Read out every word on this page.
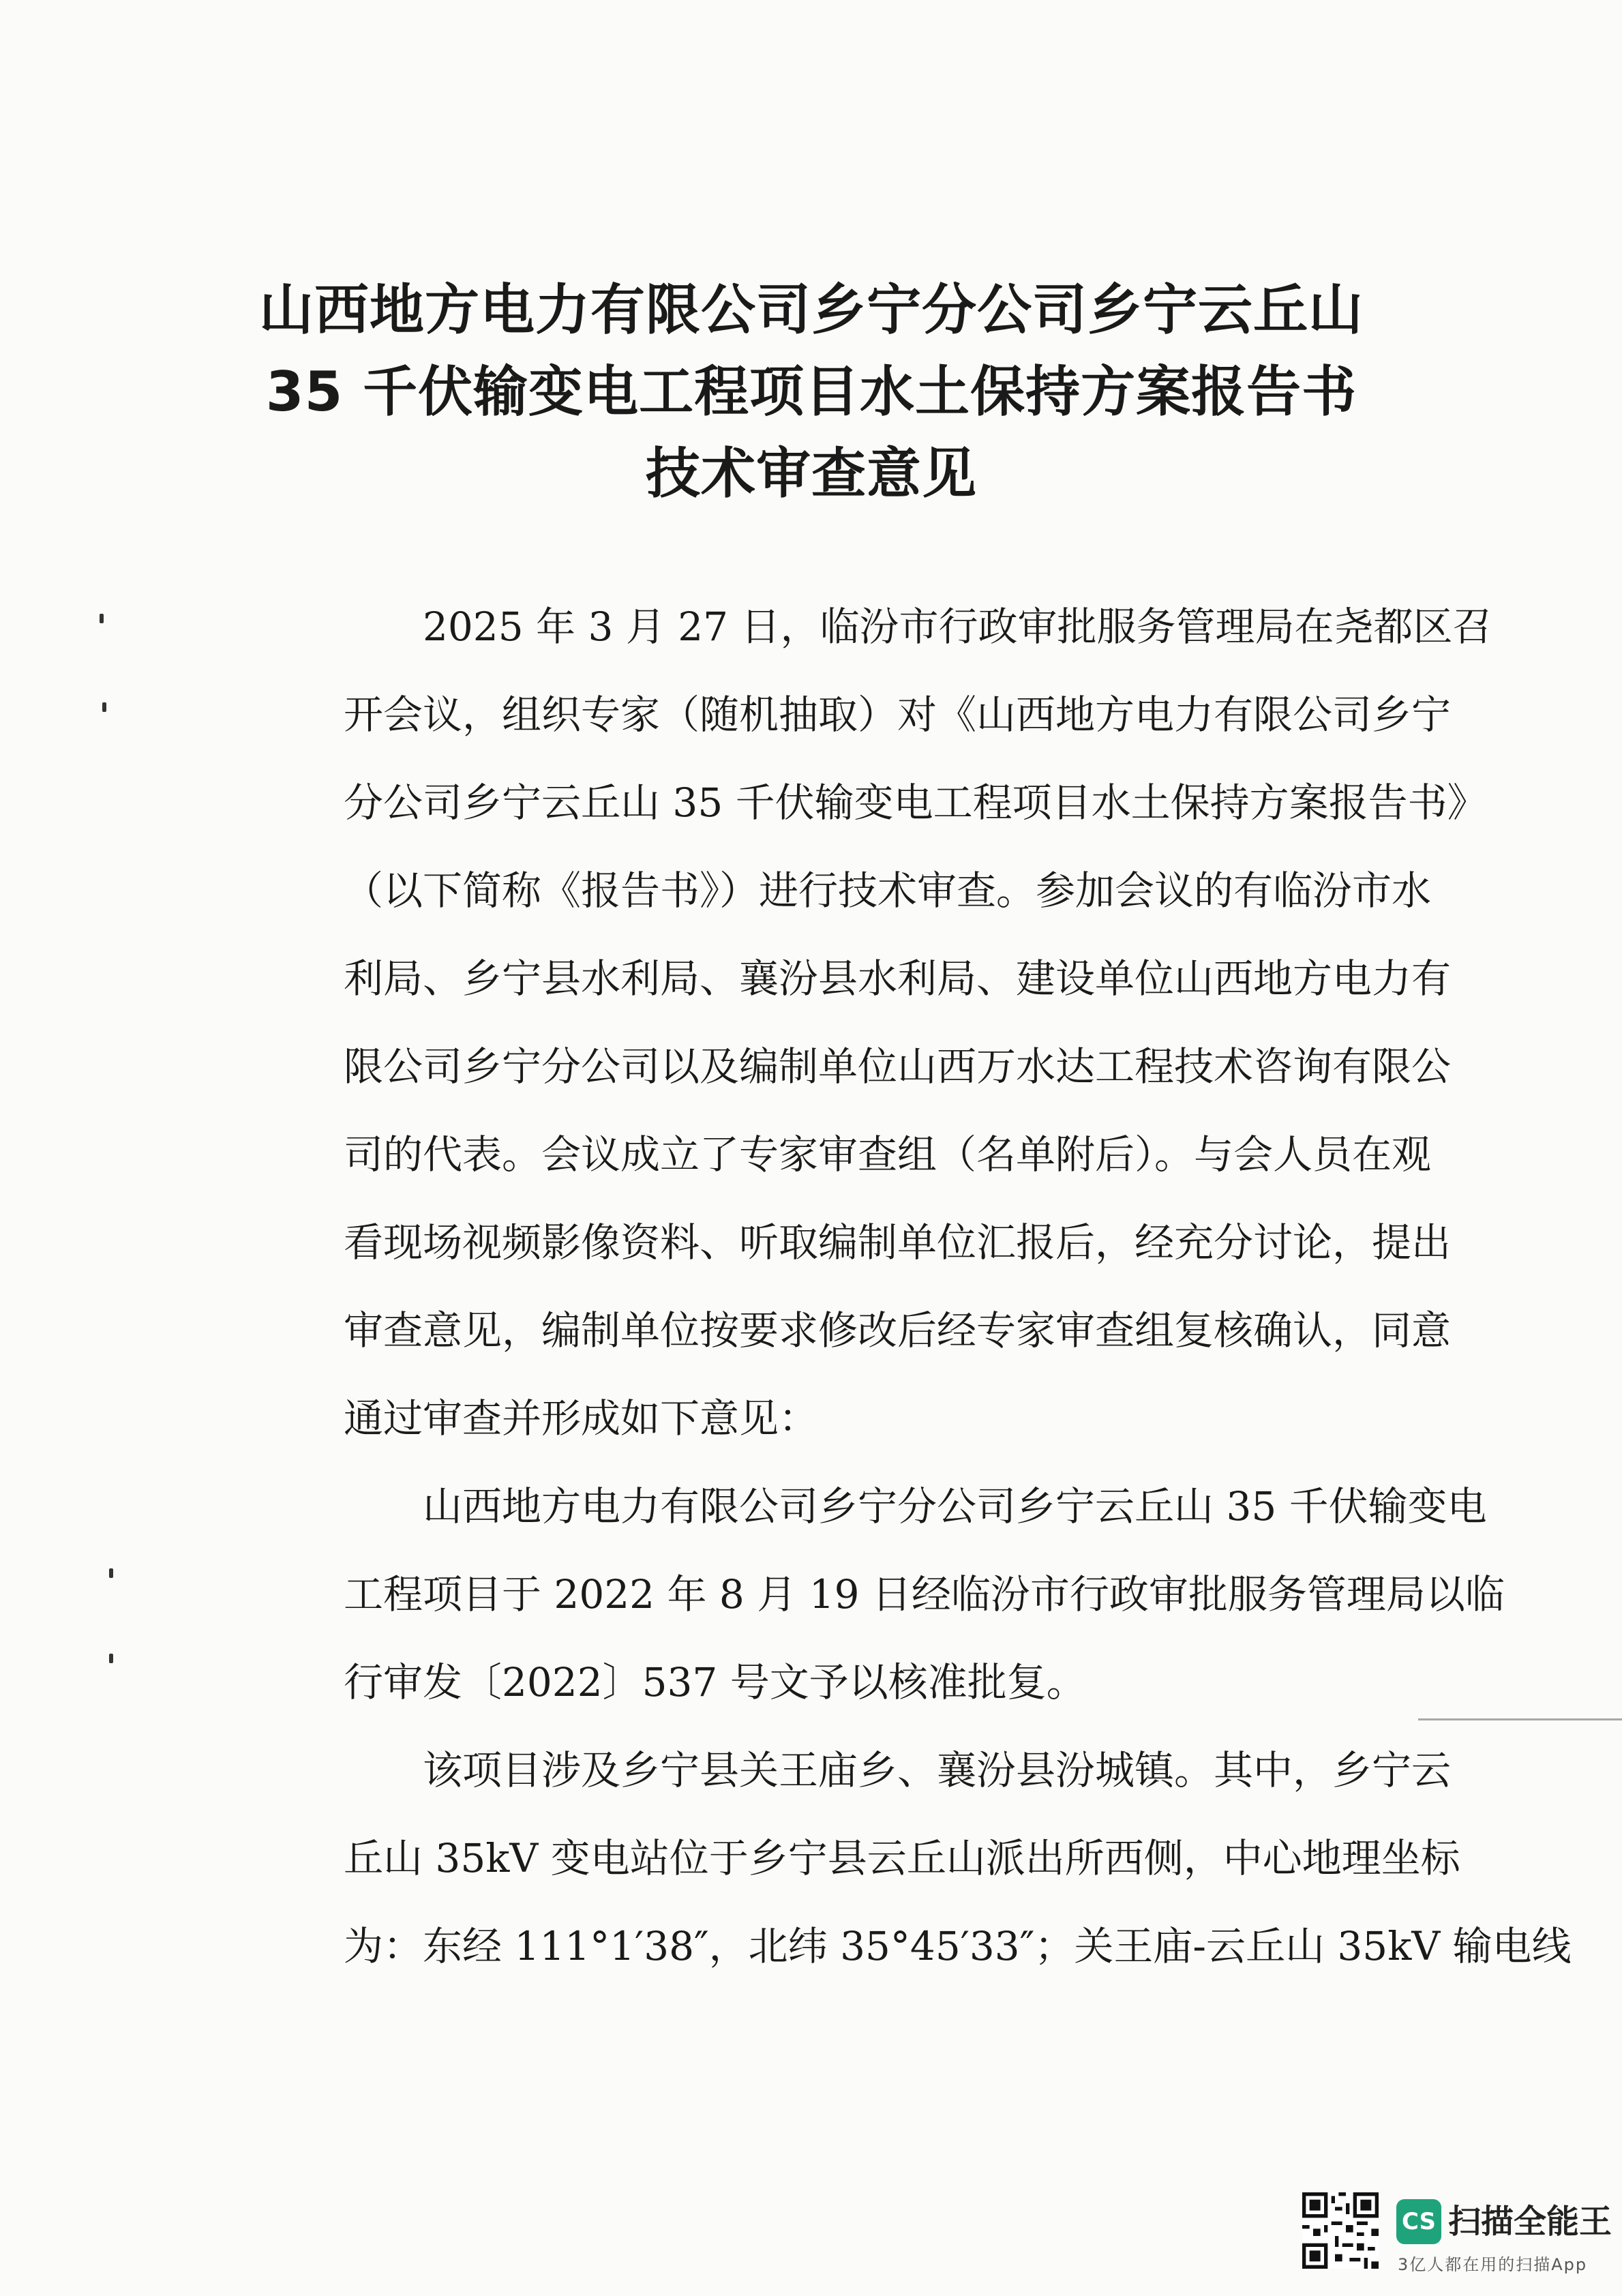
山西地方电力有限公司乡宁分公司乡宁云丘山
35 千伏输变电工程项目水土保持方案报告书
技术审查意见
2025 年 3 月 27 日，临汾市行政审批服务管理局在尧都区召
开会议，组织专家（随机抽取）对《山西地方电力有限公司乡宁
分公司乡宁云丘山 35 千伏输变电工程项目水土保持方案报告书》
（以下简称《报告书》）进行技术审查。参加会议的有临汾市水
利局、乡宁县水利局、襄汾县水利局、建设单位山西地方电力有
限公司乡宁分公司以及编制单位山西万水达工程技术咨询有限公
司的代表。会议成立了专家审查组（名单附后）。与会人员在观
看现场视频影像资料、听取编制单位汇报后，经充分讨论，提出
审查意见，编制单位按要求修改后经专家审查组复核确认，同意
通过审查并形成如下意见：
山西地方电力有限公司乡宁分公司乡宁云丘山 35 千伏输变电
工程项目于 2022 年 8 月 19 日经临汾市行政审批服务管理局以临
行审发〔2022〕537 号文予以核准批复。
该项目涉及乡宁县关王庙乡、襄汾县汾城镇。其中，乡宁云
丘山 35kV 变电站位于乡宁县云丘山派出所西侧，中心地理坐标
为：东经 111°1′38″，北纬 35°45′33″；关王庙-云丘山 35kV 输电线
CS 扫描全能王
3亿人都在用的扫描App
